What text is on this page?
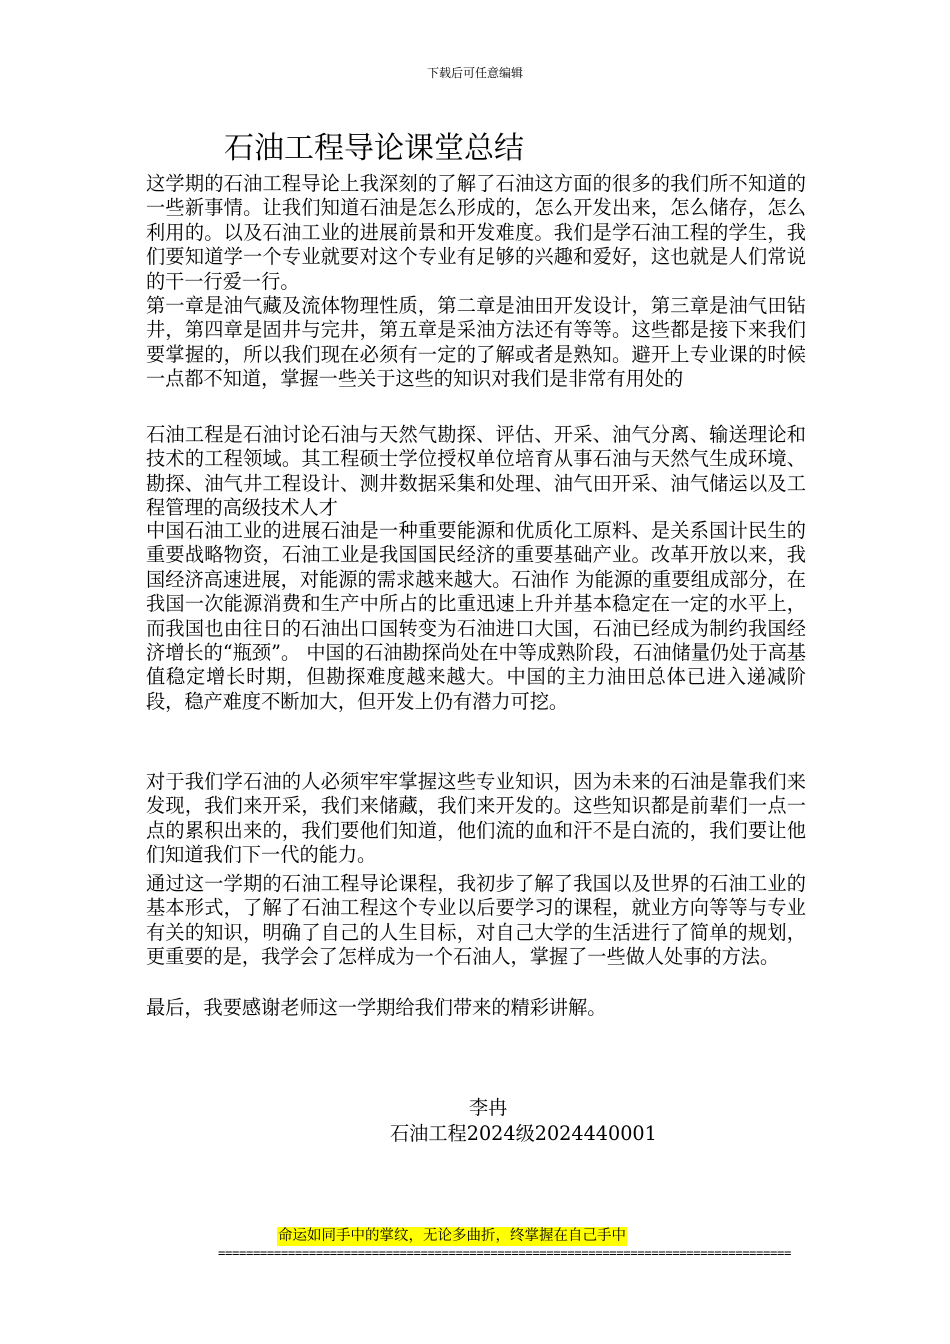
下载后可任意编辑
石油工程导论课堂总结

这学期的石油工程导论上我深刻的了解了石油这方面的很多的我们所不知道的一些新事情。让我们知道石油是怎么形成的，怎么开发出来，怎么储存，怎么利用的。以及石油工业的进展前景和开发难度。我们是学石油工程的学生，我们要知道学一个专业就要对这个专业有足够的兴趣和爱好，这也就是人们常说的干一行爱一行。

第一章是油气藏及流体物理性质，第二章是油田开发设计，第三章是油气田钻井，第四章是固井与完井，第五章是采油方法还有等等。这些都是接下来我们要掌握的，所以我们现在必须有一定的了解或者是熟知。避开上专业课的时候一点都不知道，掌握一些关于这些的知识对我们是非常有用处的

石油工程是石油讨论石油与天然气勘探、评估、开采、油气分离、输送理论和技术的工程领域。其工程硕士学位授权单位培育从事石油与天然气生成环境、勘探、油气井工程设计、测井数据采集和处理、油气田开采、油气储运以及工程管理的高级技术人才

中国石油工业的进展石油是一种重要能源和优质化工原料、是关系国计民生的重要战略物资，石油工业是我国国民经济的重要基础产业。改革开放以来，我国经济高速进展，对能源的需求越来越大。石油作 为能源的重要组成部分，在我国一次能源消费和生产中所占的比重迅速上升并基本稳定在一定的水平上，而我国也由往日的石油出口国转变为石油进口大国，石油已经成为制约我国经济增长的“瓶颈”。 中国的石油勘探尚处在中等成熟阶段，石油储量仍处于高基值稳定增长时期，但勘探难度越来越大。中国的主力油田总体已进入递减阶段，稳产难度不断加大，但开发上仍有潜力可挖。

对于我们学石油的人必须牢牢掌握这些专业知识，因为未来的石油是靠我们来发现，我们来开采，我们来储藏，我们来开发的。这些知识都是前辈们一点一点的累积出来的，我们要他们知道，他们流的血和汗不是白流的，我们要让他们知道我们下一代的能力。

通过这一学期的石油工程导论课程，我初步了解了我国以及世界的石油工业的基本形式，了解了石油工程这个专业以后要学习的课程，就业方向等等与专业有关的知识，明确了自己的人生目标，对自己大学的生活进行了简单的规划，更重要的是，我学会了怎样成为一个石油人，掌握了一些做人处事的方法。

最后，我要感谢老师这一学期给我们带来的精彩讲解。

李冉
石油工程2024级2024440001
命运如同手中的掌纹，无论多曲折，终掌握在自己手中
==================================================================================
